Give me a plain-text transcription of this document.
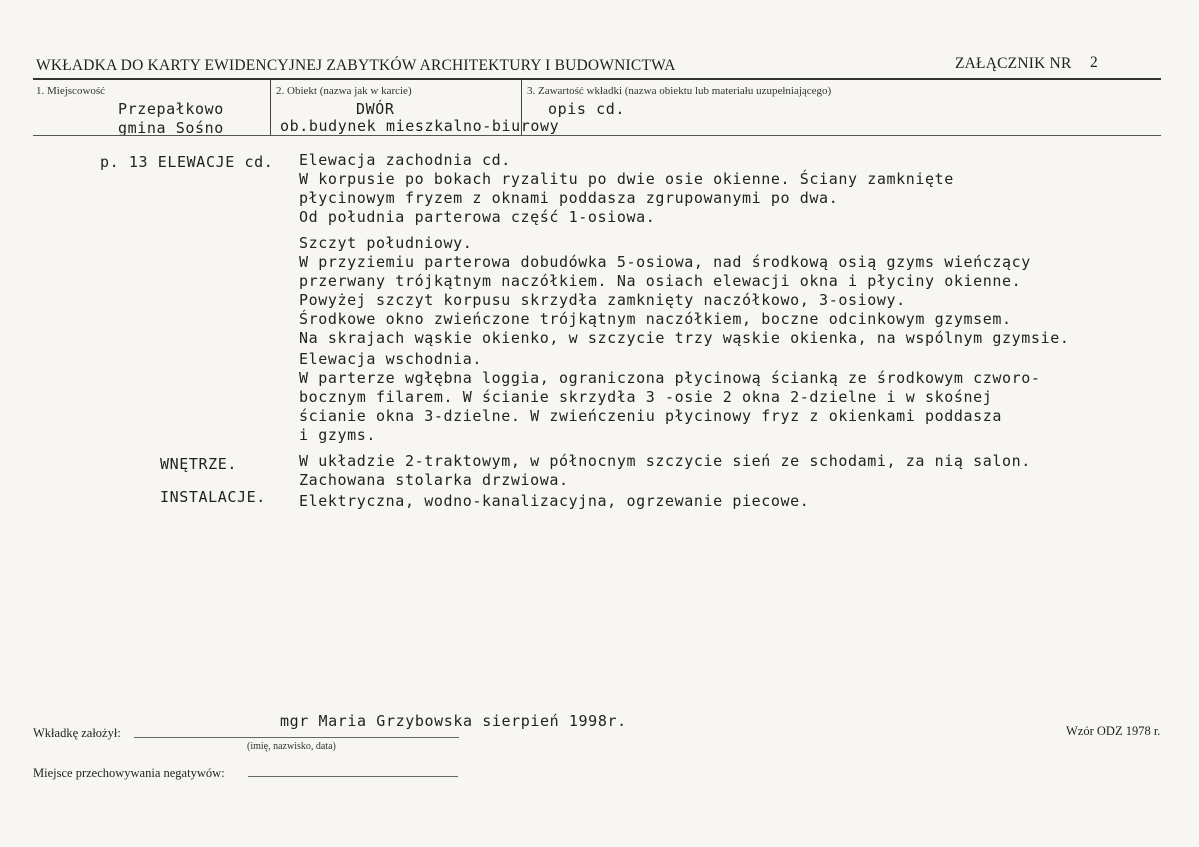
WKŁADKA DO KARTY EWIDENCYJNEJ ZABYTKÓW ARCHITEKTURY I BUDOWNICTWA	ZAŁĄCZNIK NR 2
1. Miejscowość
Przepałkowo
gmina Sośno
2. Obiekt (nazwa jak w karcie)
DWÓR
ob.budynek mieszkalno-biurowy
3. Zawartość wkładki (nazwa obiektu lub materiału uzupełniającego)
opis cd.
p. 13 ELEWACJE cd. Elewacja zachodnia cd.
W korpusie po bokach ryzalitu po dwie osie okienne. Ściany zamknięte
płycinowym fryzem z oknami poddasza zgrupowanymi po dwa.
Od południa parterowa część 1-osiowa.
Szczyt południowy.
W przyziemiu parterowa dobudówka 5-osiowa, nad środkową osią gzyms wieńczący
przerwany trójkątnym naczółkiem. Na osiach elewacji okna i płyciny okienne.
Powyżej szczyt korpusu skrzydła zamknięty naczółkowo, 3-osiowy.
Środkowe okno zwieńczone trójkątnym naczółkiem, boczne odcinkowym gzymsem.
Na skrajach wąskie okienko, w szczycie trzy wąskie okienka, na wspólnym gzymsie.
Elewacja wschodnia.
W parterze wgłębna loggia, ograniczona płycinową ścianką ze środkowym czworo-
bocznym filarem. W ścianie skrzydła 3 -osie 2 okna 2-dzielne i w skośnej
ścianie okna 3-dzielne. W zwieńczeniu płycinowy fryz z okienkami poddasza
i gzyms.
WNĘTRZE.	W układzie 2-traktowym, w północnym szczycie sień ze schodami, za nią salon.
Zachowana stolarka drzwiowa.
INSTALACJE. Elektryczna, wodno-kanalizacyjna, ogrzewanie piecowe.
Wkładkę założył:
mgr Maria Grzybowska sierpień 1998r.
(imię, nazwisko, data)
Wzór ODZ 1978 r.
Miejsce przechowywania negatywów:
